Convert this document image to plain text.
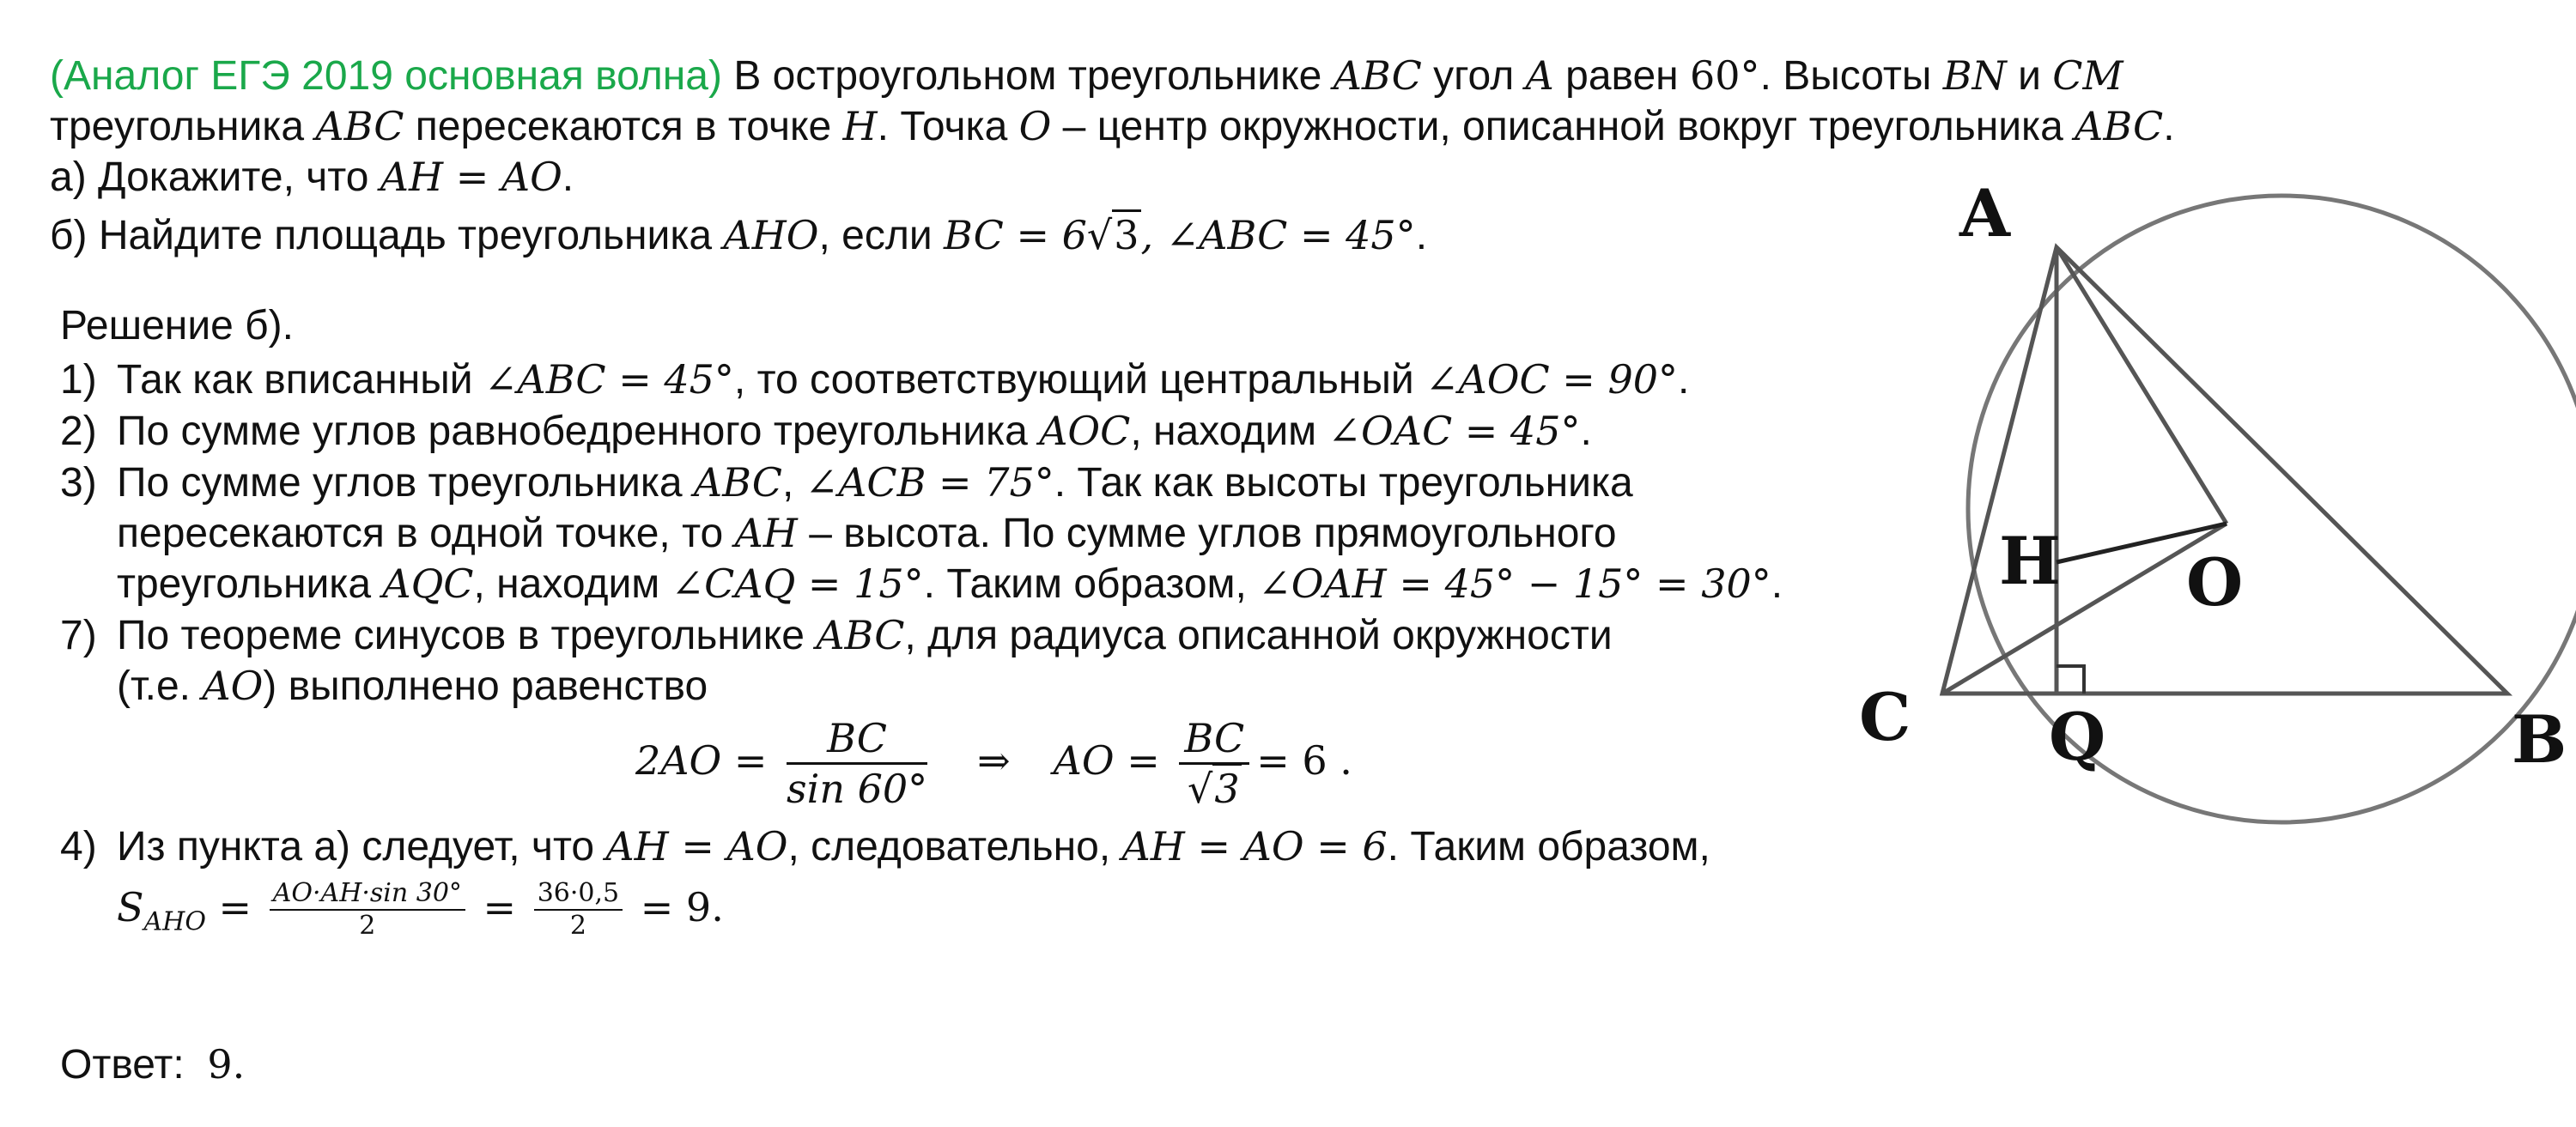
(Аналог ЕГЭ 2019 основная волна) В остроугольном треугольнике ABC угол A равен 60°. Высоты BN и CM
треугольника ABC пересекаются в точке H. Точка O – центр окружности, описанной вокруг треугольника ABC.
а) Докажите, что AH = AO.
б) Найдите площадь треугольника AHO, если BC = 6√3, ∠ABC = 45°.
Решение б).
1) Так как вписанный ∠ABC = 45°, то соответствующий центральный ∠AOC = 90°.
2) По сумме углов равнобедренного треугольника AOC, находим ∠OAC = 45°.
3) По сумме углов треугольника ABC, ∠ACB = 75°. Так как высоты треугольника
пересекаются в одной точке, то AH – высота. По сумме углов прямоугольного
треугольника AQC, находим ∠CAQ = 15°. Таким образом, ∠OAH = 45° − 15° = 30°.
7) По теореме синусов в треугольнике ABC, для радиуса описанной окружности
(т.е. AO) выполнено равенство
$2AO = \frac{BC}{\sin 60^\circ}$ ⇒ AO = $\frac{BC}{√3} = 6$ .
4) Из пункта а) следует, что AH = AO, следовательно, AH = AO = 6. Таким образом,
$S_{AHO} = \frac{AO\cdot AH\cdot\sin 30^\circ}{2} = \frac{36\cdot 0,5}{2} = 9$.
Ответ: 9.
A
B
C
H O
Q
